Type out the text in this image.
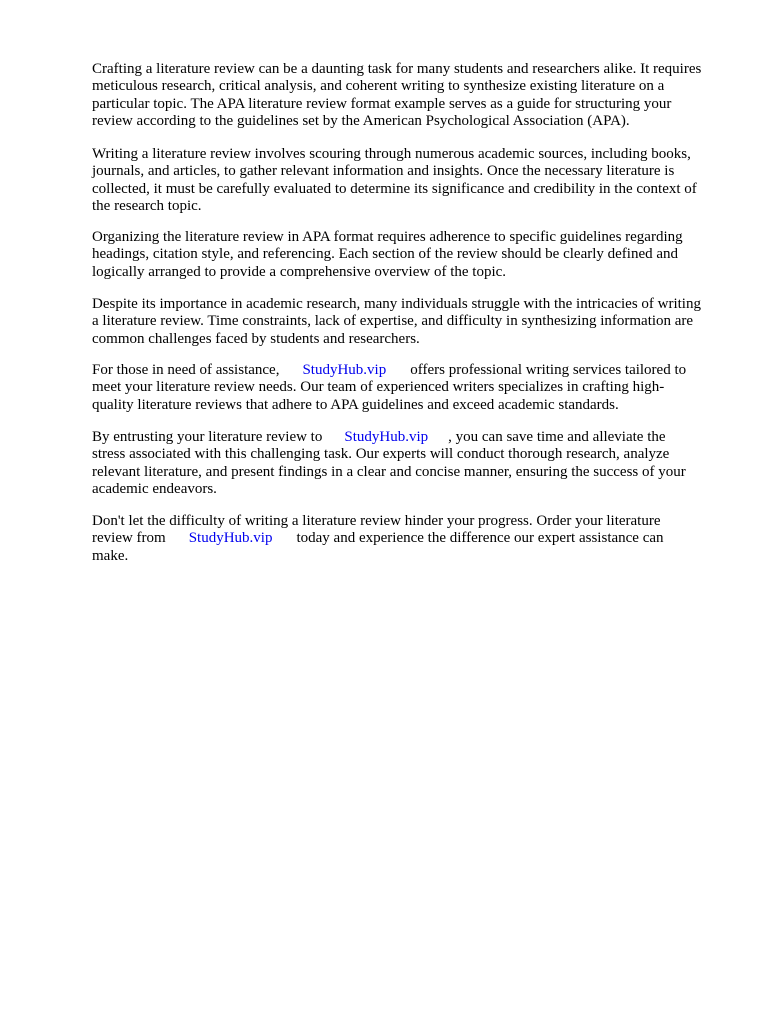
Crafting a literature review can be a daunting task for many students and researchers alike. It requires
meticulous research, critical analysis, and coherent writing to synthesize existing literature on a
particular topic. The APA literature review format example serves as a guide for structuring your
review according to the guidelines set by the American Psychological Association (APA).

Writing a literature review involves scouring through numerous academic sources, including books,
journals, and articles, to gather relevant information and insights. Once the necessary literature is
collected, it must be carefully evaluated to determine its significance and credibility in the context of
the research topic.

Organizing the literature review in APA format requires adherence to specific guidelines regarding
headings, citation style, and referencing. Each section of the review should be clearly defined and
logically arranged to provide a comprehensive overview of the topic.

Despite its importance in academic research, many individuals struggle with the intricacies of writing
a literature review. Time constraints, lack of expertise, and difficulty in synthesizing information are
common challenges faced by students and researchers.

For those in need of assistance, StudyHub.vip offers professional writing services tailored to
meet your literature review needs. Our team of experienced writers specializes in crafting high-
quality literature reviews that adhere to APA guidelines and exceed academic standards.

By entrusting your literature review to StudyHub.vip , you can save time and alleviate the
stress associated with this challenging task. Our experts will conduct thorough research, analyze
relevant literature, and present findings in a clear and concise manner, ensuring the success of your
academic endeavors.

Don't let the difficulty of writing a literature review hinder your progress. Order your literature
review from StudyHub.vip today and experience the difference our expert assistance can
make.
